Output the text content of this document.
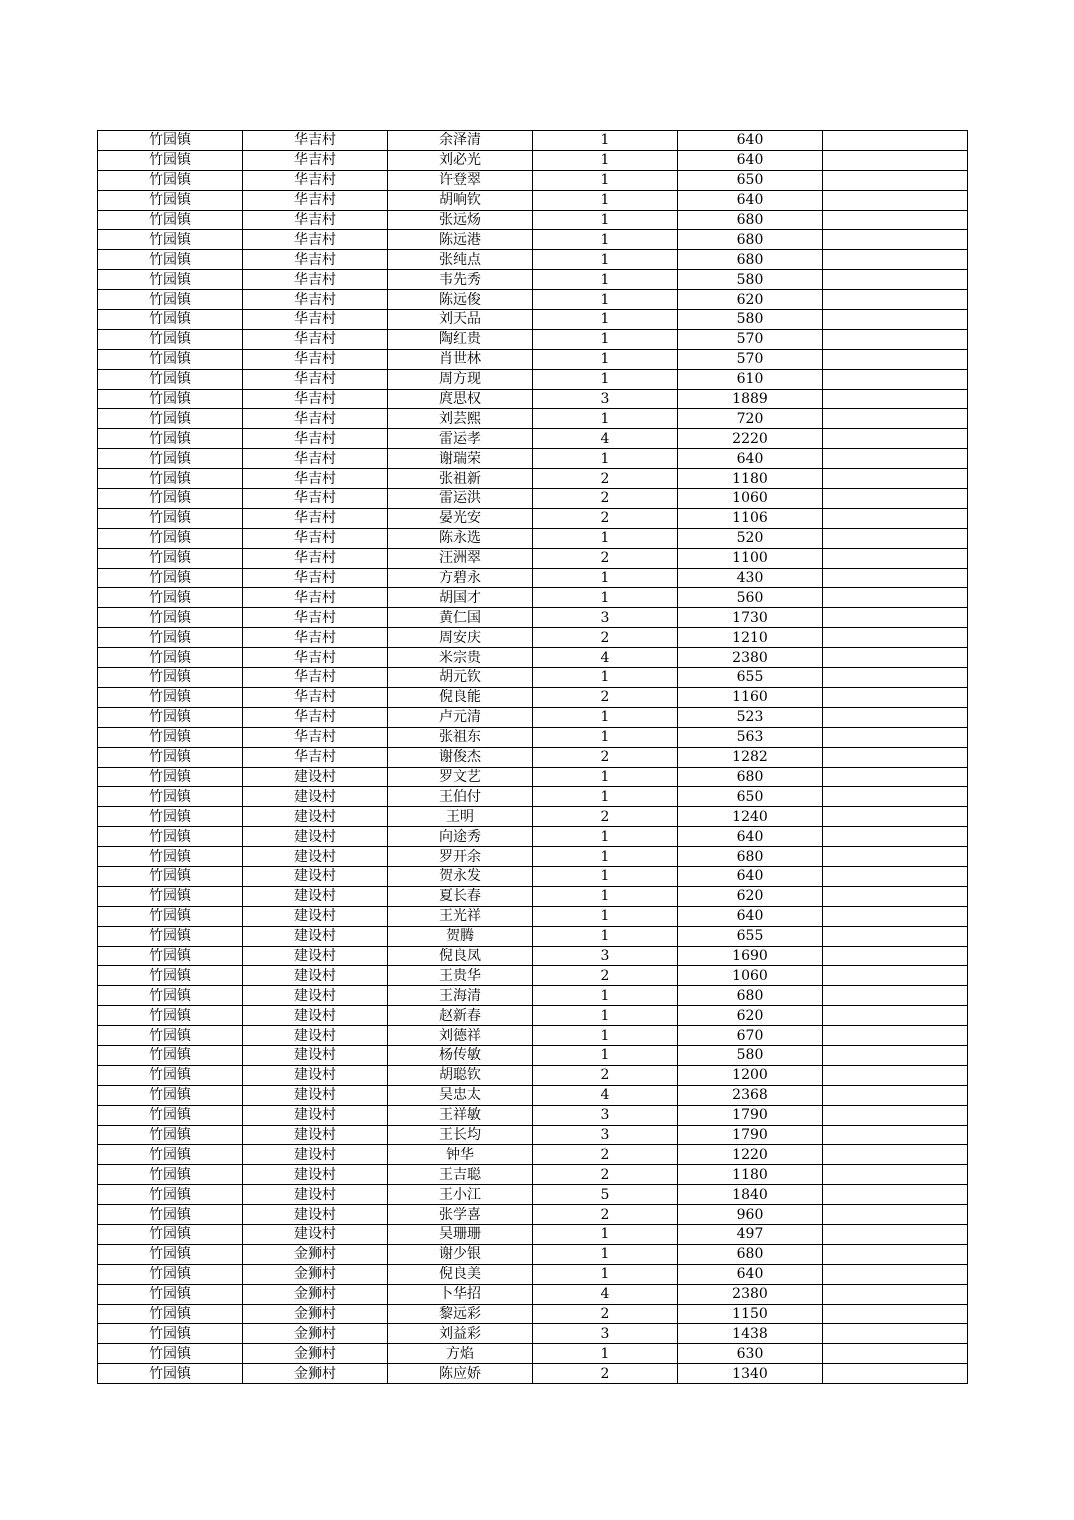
竹园镇	华吉村	余泽清	1	640	
竹园镇	华吉村	刘必光	1	640	
竹园镇	华吉村	许登翠	1	650	
竹园镇	华吉村	胡响钦	1	640	
竹园镇	华吉村	张远炀	1	680	
竹园镇	华吉村	陈远港	1	680	
竹园镇	华吉村	张纯点	1	680	
竹园镇	华吉村	韦先秀	1	580	
竹园镇	华吉村	陈远俊	1	620	
竹园镇	华吉村	刘天品	1	580	
竹园镇	华吉村	陶红贵	1	570	
竹园镇	华吉村	肖世林	1	570	
竹园镇	华吉村	周方现	1	610	
竹园镇	华吉村	庹思权	3	1889	
竹园镇	华吉村	刘芸熙	1	720	
竹园镇	华吉村	雷运孝	4	2220	
竹园镇	华吉村	谢瑞荣	1	640	
竹园镇	华吉村	张祖新	2	1180	
竹园镇	华吉村	雷运洪	2	1060	
竹园镇	华吉村	晏光安	2	1106	
竹园镇	华吉村	陈永选	1	520	
竹园镇	华吉村	汪洲翠	2	1100	
竹园镇	华吉村	方碧永	1	430	
竹园镇	华吉村	胡国才	1	560	
竹园镇	华吉村	黄仁国	3	1730	
竹园镇	华吉村	周安庆	2	1210	
竹园镇	华吉村	米宗贵	4	2380	
竹园镇	华吉村	胡元钦	1	655	
竹园镇	华吉村	倪良能	2	1160	
竹园镇	华吉村	卢元清	1	523	
竹园镇	华吉村	张祖东	1	563	
竹园镇	华吉村	谢俊杰	2	1282	
竹园镇	建设村	罗文艺	1	680	
竹园镇	建设村	王伯付	1	650	
竹园镇	建设村	王明	2	1240	
竹园镇	建设村	向途秀	1	640	
竹园镇	建设村	罗开余	1	680	
竹园镇	建设村	贺永发	1	640	
竹园镇	建设村	夏长春	1	620	
竹园镇	建设村	王光祥	1	640	
竹园镇	建设村	贺腾	1	655	
竹园镇	建设村	倪良凤	3	1690	
竹园镇	建设村	王贵华	2	1060	
竹园镇	建设村	王海清	1	680	
竹园镇	建设村	赵新春	1	620	
竹园镇	建设村	刘德祥	1	670	
竹园镇	建设村	杨传敏	1	580	
竹园镇	建设村	胡聪钦	2	1200	
竹园镇	建设村	吴忠太	4	2368	
竹园镇	建设村	王祥敏	3	1790	
竹园镇	建设村	王长均	3	1790	
竹园镇	建设村	钟华	2	1220	
竹园镇	建设村	王吉聪	2	1180	
竹园镇	建设村	王小江	5	1840	
竹园镇	建设村	张学喜	2	960	
竹园镇	建设村	吴珊珊	1	497	
竹园镇	金狮村	谢少银	1	680	
竹园镇	金狮村	倪良美	1	640	
竹园镇	金狮村	卜华招	4	2380	
竹园镇	金狮村	黎远彩	2	1150	
竹园镇	金狮村	刘益彩	3	1438	
竹园镇	金狮村	方焰	1	630	
竹园镇	金狮村	陈应娇	2	1340	
